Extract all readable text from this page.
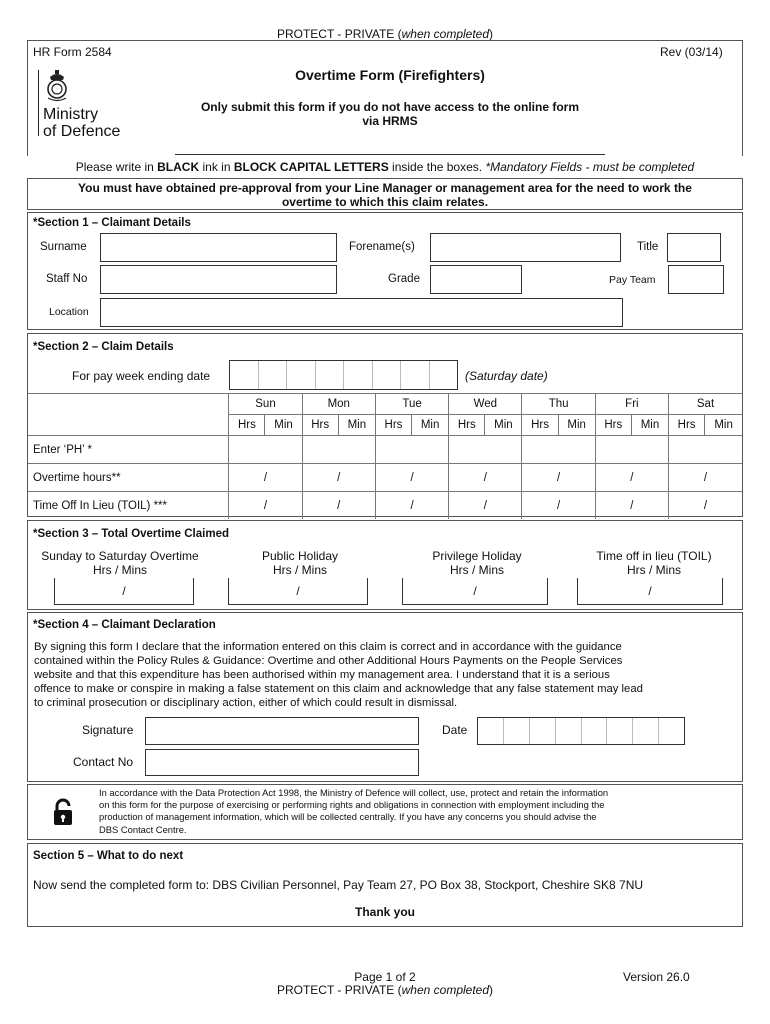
PROTECT - PRIVATE (when completed)
HR Form 2584	Rev (03/14)
Ministry
of Defence
Overtime Form (Firefighters)
Only submit this form if you do not have access to the online form
via HRMS
Please write in BLACK ink in BLOCK CAPITAL LETTERS inside the boxes. *Mandatory Fields - must be completed
You must have obtained pre-approval from your Line Manager or management area for the need to work the
overtime to which this claim relates.
*Section 1 – Claimant Details
Surname	Forename(s)	Title
Staff No	Grade	Pay Team
Location
*Section 2 – Claim Details
For pay week ending date	(Saturday date)
	Sun		Mon		Tue		Wed		Thu		Fri		Sat	
	Hrs	Min	Hrs	Min	Hrs	Min	Hrs	Min	Hrs	Min	Hrs	Min	Hrs	Min
Enter ‘PH’ *														
Overtime hours**	/		/		/		/		/		/		/	
Time Off In Lieu (TOIL) ***	/		/		/		/		/		/		/	
*Section 3 – Total Overtime Claimed
Sunday to Saturday Overtime
Hrs / Mins
Public Holiday
Hrs / Mins
Privilege Holiday
Hrs / Mins
Time off in lieu (TOIL)
Hrs / Mins
/	/	/	/
*Section 4 – Claimant Declaration
By signing this form I declare that the information entered on this claim is correct and in accordance with the guidance
contained within the Policy Rules & Guidance: Overtime and other Additional Hours Payments on the People Services
website and that this expenditure has been authorised within my management area. I understand that it is a serious
offence to make or conspire in making a false statement on this claim and acknowledge that any false statement may lead
to criminal prosecution or disciplinary action, either of which could result in dismissal.
Signature	Date
Contact No
In accordance with the Data Protection Act 1998, the Ministry of Defence will collect, use, protect and retain the information
on this form for the purpose of exercising or performing rights and obligations in connection with employment including the
production of management information, which will be collected centrally. If you have any concerns you should advise the
DBS Contact Centre.
Section 5 – What to do next
Now send the completed form to: DBS Civilian Personnel, Pay Team 27, PO Box 38, Stockport, Cheshire SK8 7NU
Thank you
Page 1 of 2	Version 26.0
PROTECT - PRIVATE (when completed)
